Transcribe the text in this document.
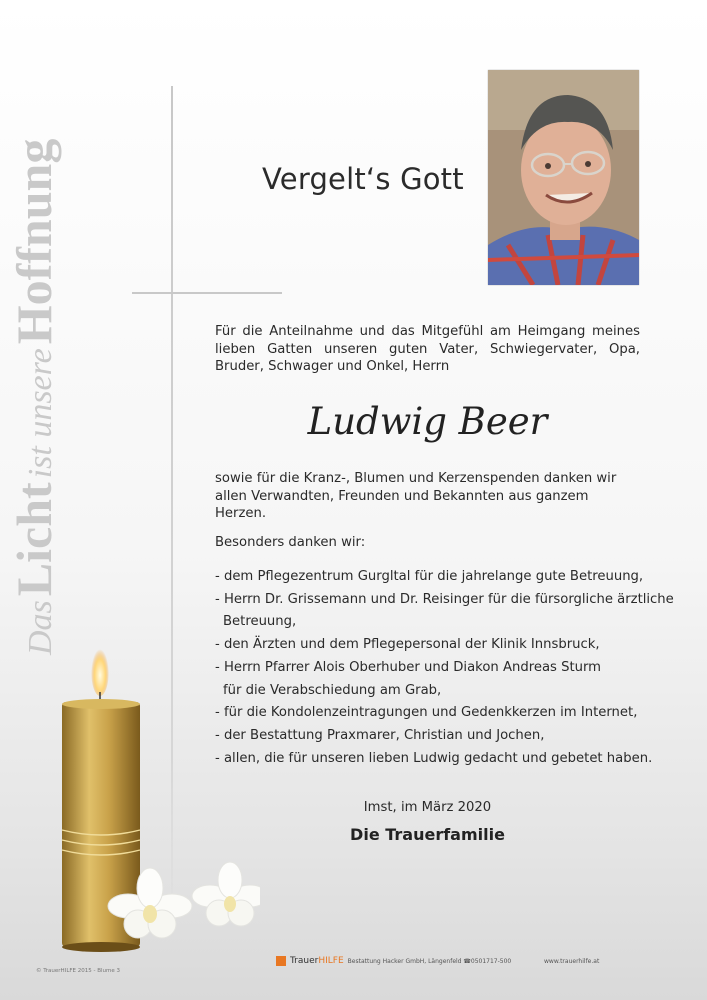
Das Licht ist unsere Hoffnung	Vergelt‘s Gott
Für die Anteilnahme und das Mitgefühl am Heimgang meines lieben Gatten unseren guten Vater, Schwiegervater, Opa, Bruder, Schwager und Onkel, Herrn
Ludwig Beer
sowie für die Kranz-, Blumen und Kerzenspenden danken wir allen Verwandten, Freunden und Bekannten aus ganzem Herzen.
Besonders danken wir:
- dem Pflegezentrum Gurgltal für die jahrelange gute Betreuung,
- Herrn Dr. Grissemann und Dr. Reisinger für die fürsorgliche ärztliche
Betreuung,
- den Ärzten und dem Pflegepersonal der Klinik Innsbruck,
- Herrn Pfarrer Alois Oberhuber und Diakon Andreas Sturm
für die Verabschiedung am Grab,
- für die Kondolenzeintragungen und Gedenkkerzen im Internet,
- der Bestattung Praxmarer, Christian und Jochen,
- allen, die für unseren lieben Ludwig gedacht und gebetet haben.
Imst, im März 2020
Die Trauerfamilie
© TrauerHILFE 2015 - Blume 3
TrauerHILFE Bestattung Hacker GmbH, Längenfeld ☎0501717-500	www.trauerhilfe.at
